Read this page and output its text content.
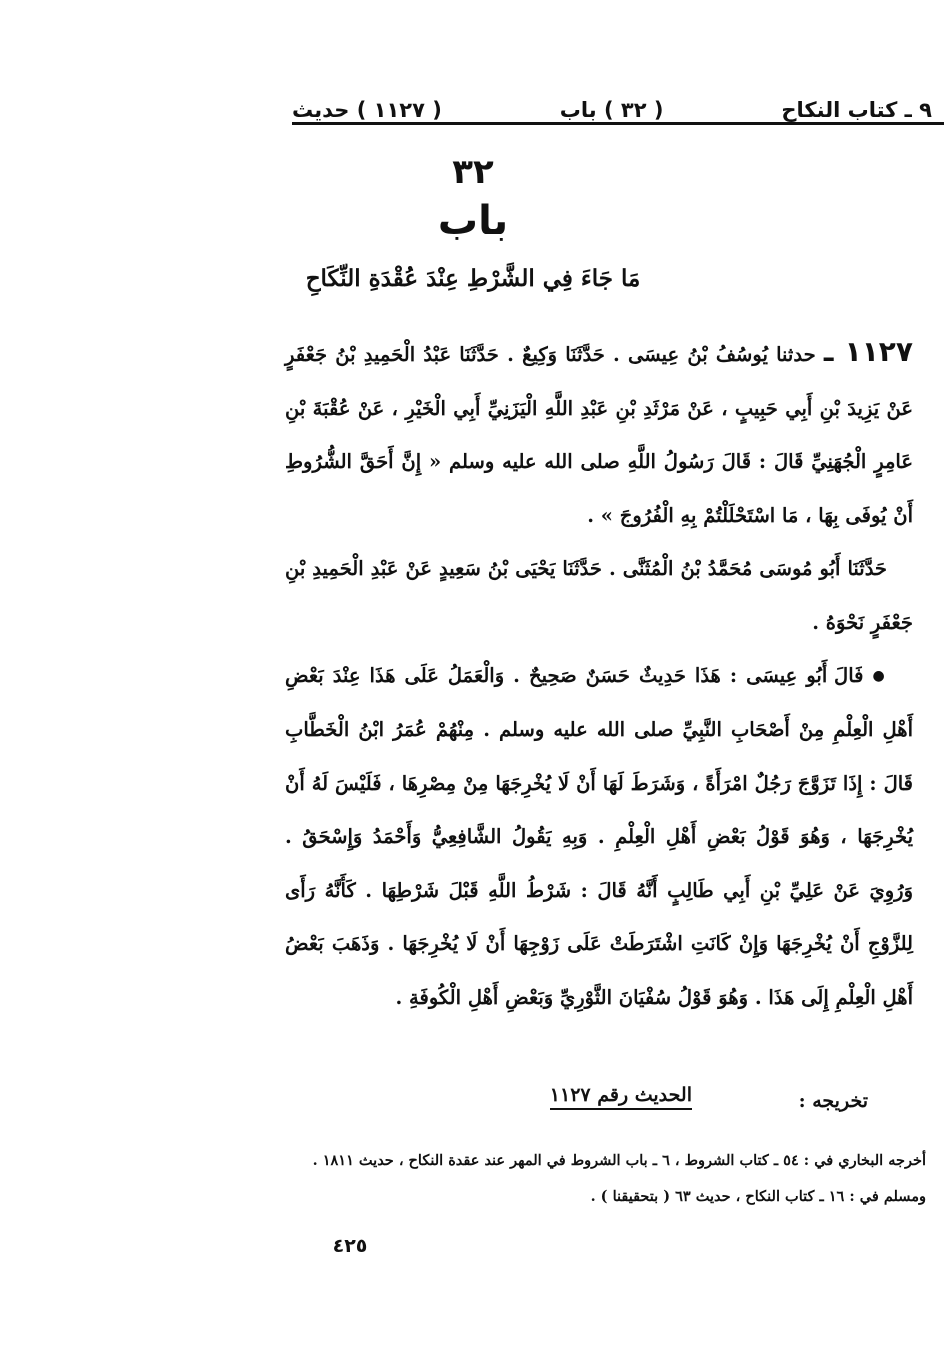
٩ ـ كتاب النكاح
( ٣٢ ) باب
( ١١٢٧ ) حديث
٣٢
باب
مَا جَاءَ فِي الشَّرْطِ عِنْدَ عُقْدَةِ النِّكَاحِ

١١٢٧ ـ حدثنا يُوسُفُ بْنُ عِيسَى . حَدَّثَنَا وَكِيعٌ . حَدَّثَنَا عَبْدُ الْحَمِيدِ بْنُ جَعْفَرٍ عَنْ يَزِيدَ بْنِ أَبِي حَبِيبٍ ، عَنْ مَرْثَدِ بْنِ عَبْدِ اللَّهِ الْيَزَنِيِّ أَبِي الْخَيْرِ ، عَنْ عُقْبَةَ بْنِ عَامِرٍ الْجُهَنِيِّ قَالَ : قَالَ رَسُولُ اللَّهِ صلى الله عليه وسلم « إِنَّ أَحَقَّ الشُّرُوطِ أَنْ يُوفَى بِهَا ، مَا اسْتَحْلَلْتُمْ بِهِ الْفُرُوجَ » .

حَدَّثَنَا أَبُو مُوسَى مُحَمَّدُ بْنُ الْمُثَنَّى . حَدَّثَنَا يَحْيَى بْنُ سَعِيدٍ عَنْ عَبْدِ الْحَمِيدِ بْنِ جَعْفَرٍ نَحْوَهُ .

● فَالَ أَبُو عِيسَى : هَذَا حَدِيثٌ حَسَنٌ صَحِيحٌ . وَالْعَمَلُ عَلَى هَذَا عِنْدَ بَعْضِ أَهْلِ الْعِلْمِ مِنْ أَصْحَابِ النَّبِيِّ صلى الله عليه وسلم . مِنْهُمْ عُمَرُ ابْنُ الْخَطَّابِ قَالَ : إِذَا تَزَوَّجَ رَجُلٌ امْرَأَةً ، وَشَرَطَ لَهَا أَنْ لَا يُخْرِجَهَا مِنْ مِصْرِهَا ، فَلَيْسَ لَهُ أَنْ يُخْرِجَهَا ، وَهُوَ قَوْلُ بَعْضِ أَهْلِ الْعِلْمِ . وَبِهِ يَقُولُ الشَّافِعِيُّ وَأَحْمَدُ وَإِسْحَقُ . وَرُوِيَ عَنْ عَلِيِّ بْنِ أَبِي طَالِبٍ أَنَّهُ قَالَ : شَرْطُ اللَّهِ قَبْلَ شَرْطِهَا . كَأَنَّهُ رَأَى لِلزَّوْجِ أَنْ يُخْرِجَهَا وَإِنْ كَانَتِ اشْتَرَطَتْ عَلَى زَوْجِهَا أَنْ لَا يُخْرِجَهَا . وَذَهَبَ بَعْضُ أَهْلِ الْعِلْمِ إِلَى هَذَا . وَهُوَ قَوْلُ سُفْيَانَ الثَّوْرِيِّ وَبَعْضِ أَهْلِ الْكُوفَةِ .

تخريجه :
الحديث رقم ١١٢٧

أخرجه البخاري في : ٥٤ ـ كتاب الشروط ، ٦ ـ باب الشروط في المهر عند عقدة النكاح ، حديث ١٨١١ .

ومسلم في : ١٦ ـ كتاب النكاح ، حديث ٦٣ ( بتحقيقنا ) .

٤٢٥
